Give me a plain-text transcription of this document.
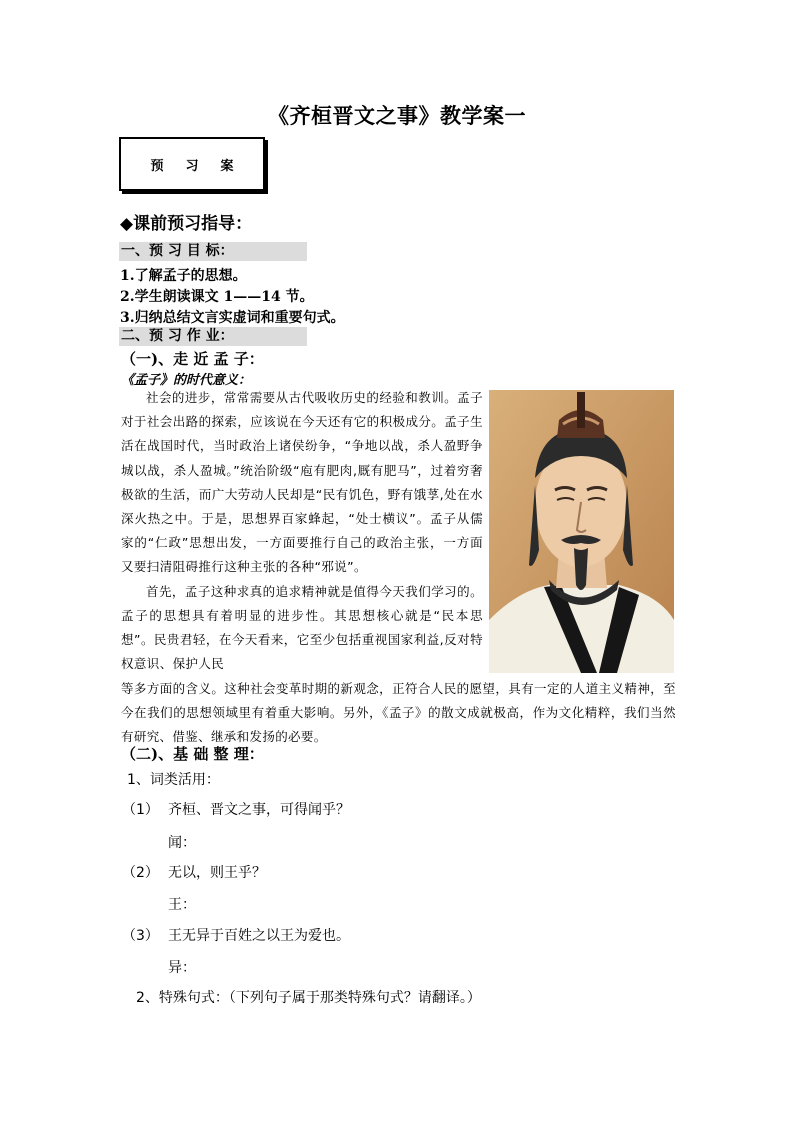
《齐桓晋文之事》教学案一
预习案
◆课前预习指导：
一、预 习 目 标：
1.了解孟子的思想。
2.学生朗读课文 1——14 节。
3.归纳总结文言实虚词和重要句式。
二、预 习 作 业：
（一)、走 近 孟 子：
《孟子》的时代意义：

社会的进步，常常需要从古代吸收历史的经验和教训。孟子对于社会出路的探索，应该说在今天还有它的积极成分。孟子生活在战国时代，当时政治上诸侯纷争，“争地以战，杀人盈野争城以战，杀人盈城。”统治阶级“庖有肥肉,厩有肥马”，过着穷奢极欲的生活，而广大劳动人民却是“民有饥色，野有饿莩,处在水深火热之中。于是，思想界百家蜂起，“处士横议”。孟子从儒家的“仁政”思想出发，一方面要推行自己的政治主张，一方面又要扫清阻碍推行这种主张的各种“邪说”。

首先，孟子这种求真的追求精神就是值得今天我们学习的。孟子的思想具有着明显的进步性。其思想核心就是“民本思想”。民贵君轻，在今天看来，它至少包括重视国家利益,反对特权意识、保护人民

等多方面的含义。这种社会变革时期的新观念，正符合人民的愿望，具有一定的人道主义精神，至今在我们的思想领域里有着重大影响。另外，《孟子》的散文成就极高，作为文化精粹，我们当然有研究、借鉴、继承和发扬的必要。
（二)、基 础 整 理：
1、词类活用：
（1） 齐桓、晋文之事，可得闻乎？
闻：
（2） 无以，则王乎？
王：
（3） 王无异于百姓之以王为爱也。
异：
2、特殊句式：（下列句子属于那类特殊句式？请翻译。）
